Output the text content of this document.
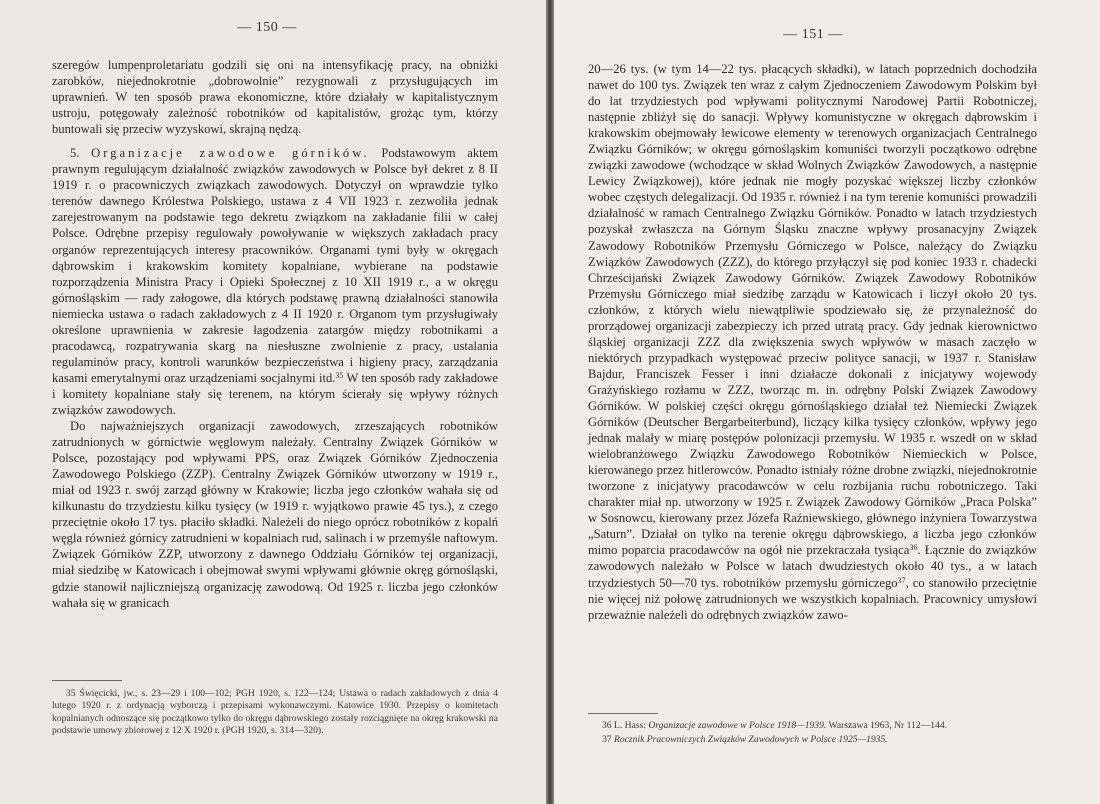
— 150 —

szeregów lumpenproletariatu godzili się oni na intensyfikację pracy, na obniżki zarobków, niejednokrotnie „dobrowolnie” rezygnowali z przysługujących im uprawnień. W ten sposób prawa ekonomiczne, które działały w kapitalistycznym ustroju, potęgowały zależność robotników od kapitalistów, grożąc tym, którzy buntowali się przeciw wyzyskowi, skrajną nędzą.

5. Organizacje zawodowe górników. Podstawowym aktem prawnym regulującym działalność związków zawodowych w Polsce był dekret z 8 II 1919 r. o pracowniczych związkach zawodowych. Dotyczył on wprawdzie tylko terenów dawnego Królestwa Polskiego, ustawa z 4 VII 1923 r. zezwoliła jednak zarejestrowanym na podstawie tego dekretu związkom na zakładanie filii w całej Polsce. Odrębne przepisy regulowały powoływanie w większych zakładach pracy organów reprezentujących interesy pracowników. Organami tymi były w okręgach dąbrowskim i krakowskim komitety kopalniane, wybierane na podstawie rozporządzenia Ministra Pracy i Opieki Społecznej z 10 XII 1919 r., a w okręgu górnośląskim — rady załogowe, dla których podstawę prawną działalności stanowiła niemiecka ustawa o radach zakładowych z 4 II 1920 r. Organom tym przysługiwały określone uprawnienia w zakresie łagodzenia zatargów między robotnikami a pracodawcą, rozpatrywania skarg na niesłuszne zwolnienie z pracy, ustalania regulaminów pracy, kontroli warunków bezpieczeństwa i higieny pracy, zarządzania kasami emerytalnymi oraz urządzeniami socjalnymi itd.$^{35}$ W ten sposób rady zakładowe i komitety kopalniane stały się terenem, na którym ścierały się wpływy różnych związków zawodowych.

Do najważniejszych organizacji zawodowych, zrzeszających robotników zatrudnionych w górnictwie węglowym należały. Centralny Związek Górników w Polsce, pozostający pod wpływami PPS, oraz Związek Górników Zjednoczenia Zawodowego Polskiego (ZZP). Centralny Związek Górników utworzony w 1919 r., miał od 1923 r. swój zarząd główny w Krakowie; liczba jego członków wahała się od kilkunastu do trzydziestu kilku tysięcy (w 1919 r. wyjątkowo prawie 45 tys.), z czego przeciętnie około 17 tys. płaciło składki. Należeli do niego oprócz robotników z kopalń węgla również górnicy zatrudnieni w kopalniach rud, salinach i w przemyśle naftowym. Związek Górników ZZP, utworzony z dawnego Oddziału Górników tej organizacji, miał siedzibę w Katowicach i obejmował swymi wpływami głównie okręg górnośląski, gdzie stanowił najliczniejszą organizację zawodową. Od 1925 r. liczba jego członków wahała się w granicach

35 Święcicki, jw., s. 23—29 i 100—102; PGH 1920, s. 122—124; Ustawa o radach zakładowych z dnia 4 lutego 1920 r. z ordynacją wyborczą i przepisami wykonawczymi. Katowice 1930. Przepisy o komitetach kopalnianych odnoszące się początkowo tylko do okręgu dąbrowskiego zostały rozciągnięte na okręg krakowski na podstawie umowy zbiorowej z 12 X 1920 r. (PGH 1920, s. 314—320).

— 151 —

20—26 tys. (w tym 14—22 tys. płacących składki), w latach poprzednich dochodziła nawet do 100 tys. Związek ten wraz z całym Zjednoczeniem Zawodowym Polskim był do lat trzydziestych pod wpływami politycznymi Narodowej Partii Robotniczej, następnie zbliżył się do sanacji. Wpływy komunistyczne w okręgach dąbrowskim i krakowskim obejmowały lewicowe elementy w terenowych organizacjach Centralnego Związku Górników; w okręgu górnośląskim komuniści tworzyli początkowo odrębne związki zawodowe (wchodzące w skład Wolnych Związków Zawodowych, a następnie Lewicy Związkowej), które jednak nie mogły pozyskać większej liczby członków wobec częstych delegalizacji. Od 1935 r. również i na tym terenie komuniści prowadzili działalność w ramach Centralnego Związku Górników. Ponadto w latach trzydziestych pozyskał zwłaszcza na Górnym Śląsku znaczne wpływy prosanacyjny Związek Zawodowy Robotników Przemysłu Górniczego w Polsce, należący do Związku Związków Zawodowych (ZZZ), do którego przyłączył się pod koniec 1933 r. chadecki Chrześcijański Związek Zawodowy Górników. Związek Zawodowy Robotników Przemysłu Górniczego miał siedzibę zarządu w Katowicach i liczył około 20 tys. członków, z których wielu niewątpliwie spodziewało się, że przynależność do prorządowej organizacji zabezpieczy ich przed utratą pracy. Gdy jednak kierownictwo śląskiej organizacji ZZZ dla zwiększenia swych wpływów w masach zaczęło w niektórych przypadkach występować przeciw polityce sanacji, w 1937 r. Stanisław Bajdur, Franciszek Fesser i inni działacze dokonali z inicjatywy wojewody Grażyńskiego rozłamu w ZZZ, tworząc m. in. odrębny Polski Związek Zawodowy Górników. W polskiej części okręgu górnośląskiego działał też Niemiecki Związek Górników (Deutscher Bergarbeiterbund), liczący kilka tysięcy członków, wpływy jego jednak malały w miarę postępów polonizacji przemysłu. W 1935 r. wszedł on w skład wielobranżowego Związku Zawodowego Robotników Niemieckich w Polsce, kierowanego przez hitlerowców. Ponadto istniały różne drobne związki, niejednokrotnie tworzone z inicjatywy pracodawców w celu rozbijania ruchu robotniczego. Taki charakter miał np. utworzony w 1925 r. Związek Zawodowy Górników „Praca Polska” w Sosnowcu, kierowany przez Józefa Raźniewskiego, głównego inżyniera Towarzystwa „Saturn”. Działał on tylko na terenie okręgu dąbrowskiego, a liczba jego członków mimo poparcia pracodawców na ogół nie przekraczała tysiąca$^{36}$. Łącznie do związków zawodowych należało w Polsce w latach dwudziestych około 40 tys., a w latach trzydziestych 50—70 tys. robotników przemysłu górniczego$^{37}$, co stanowiło przeciętnie nie więcej niż połowę zatrudnionych we wszystkich kopalniach. Pracownicy umysłowi przeważnie należeli do odrębnych związków zawo-

36 L. Hass: Organizacje zawodowe w Polsce 1918—1939. Warszawa 1963, Nr 112—144.

37 Rocznik Pracowniczych Związków Zawodowych w Polsce 1925—1935.
